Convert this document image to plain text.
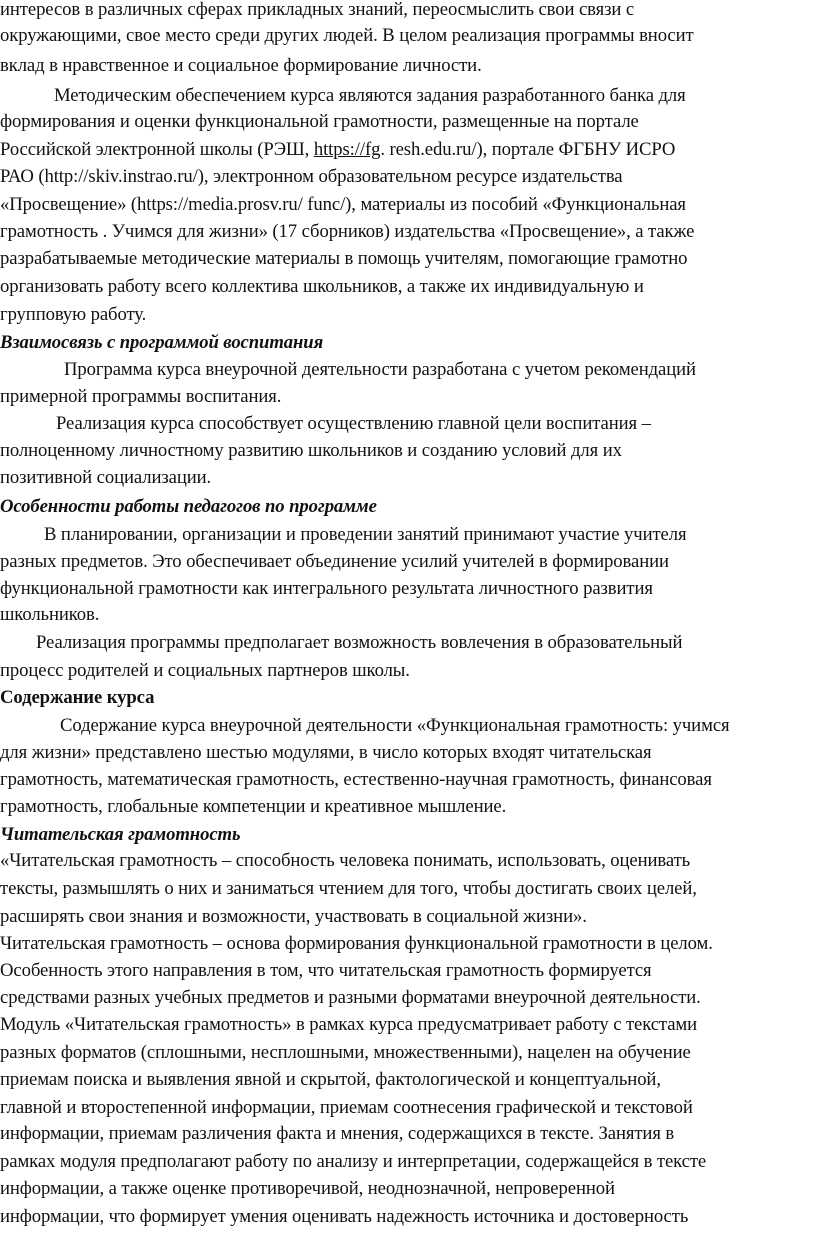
интересов в различных сферах прикладных знаний, переосмыслить свои связи с
окружающими, свое место среди других людей. В целом реализация программы вносит
вклад в нравственное и социальное формирование личности.
Методическим обеспечением курса являются задания разработанного банка для
формирования и оценки функциональной грамотности, размещенные на портале
Российской электронной школы (РЭШ, https://fg. resh.edu.ru/), портале ФГБНУ ИСРО
РАО (http://skiv.instrao.ru/), электронном образовательном ресурсе издательства
«Просвещение» (https://media.prosv.ru/ func/), материалы из пособий «Функциональная
грамотность . Учимся для жизни» (17 сборников) издательства «Просвещение», а также
разрабатываемые методические материалы в помощь учителям, помогающие грамотно
организовать работу всего коллектива школьников, а также их индивидуальную и
групповую работу.
Взаимосвязь с программой воспитания
Программа курса внеурочной деятельности разработана с учетом рекомендаций
примерной программы воспитания.
Реализация курса способствует осуществлению главной цели воспитания –
полноценному личностному развитию школьников и созданию условий для их
позитивной социализации.
Особенности работы педагогов по программе
В планировании, организации и проведении занятий принимают участие учителя
разных предметов. Это обеспечивает объединение усилий учителей в формировании
функциональной грамотности как интегрального результата личностного развития
школьников.
Реализация программы предполагает возможность вовлечения в образовательный
процесс родителей и социальных партнеров школы.
Содержание курса
Содержание курса внеурочной деятельности «Функциональная грамотность: учимся
для жизни» представлено шестью модулями, в число которых входят читательская
грамотность, математическая грамотность, естественно-научная грамотность, финансовая
грамотность, глобальные компетенции и креативное мышление.
Читательская грамотность
«Читательская грамотность – способность человека понимать, использовать, оценивать
тексты, размышлять о них и заниматься чтением для того, чтобы достигать своих целей,
расширять свои знания и возможности, участвовать в социальной жизни».
Читательская грамотность – основа формирования функциональной грамотности в целом.
Особенность этого направления в том, что читательская грамотность формируется
средствами разных учебных предметов и разными форматами внеурочной деятельности.
Модуль «Читательская грамотность» в рамках курса предусматривает работу с текстами
разных форматов (сплошными, несплошными, множественными), нацелен на обучение
приемам поиска и выявления явной и скрытой, фактологической и концептуальной,
главной и второстепенной информации, приемам соотнесения графической и текстовой
информации, приемам различения факта и мнения, содержащихся в тексте. Занятия в
рамках модуля предполагают работу по анализу и интерпретации, содержащейся в тексте
информации, а также оценке противоречивой, неоднозначной, непроверенной
информации, что формирует умения оценивать надежность источника и достоверность
